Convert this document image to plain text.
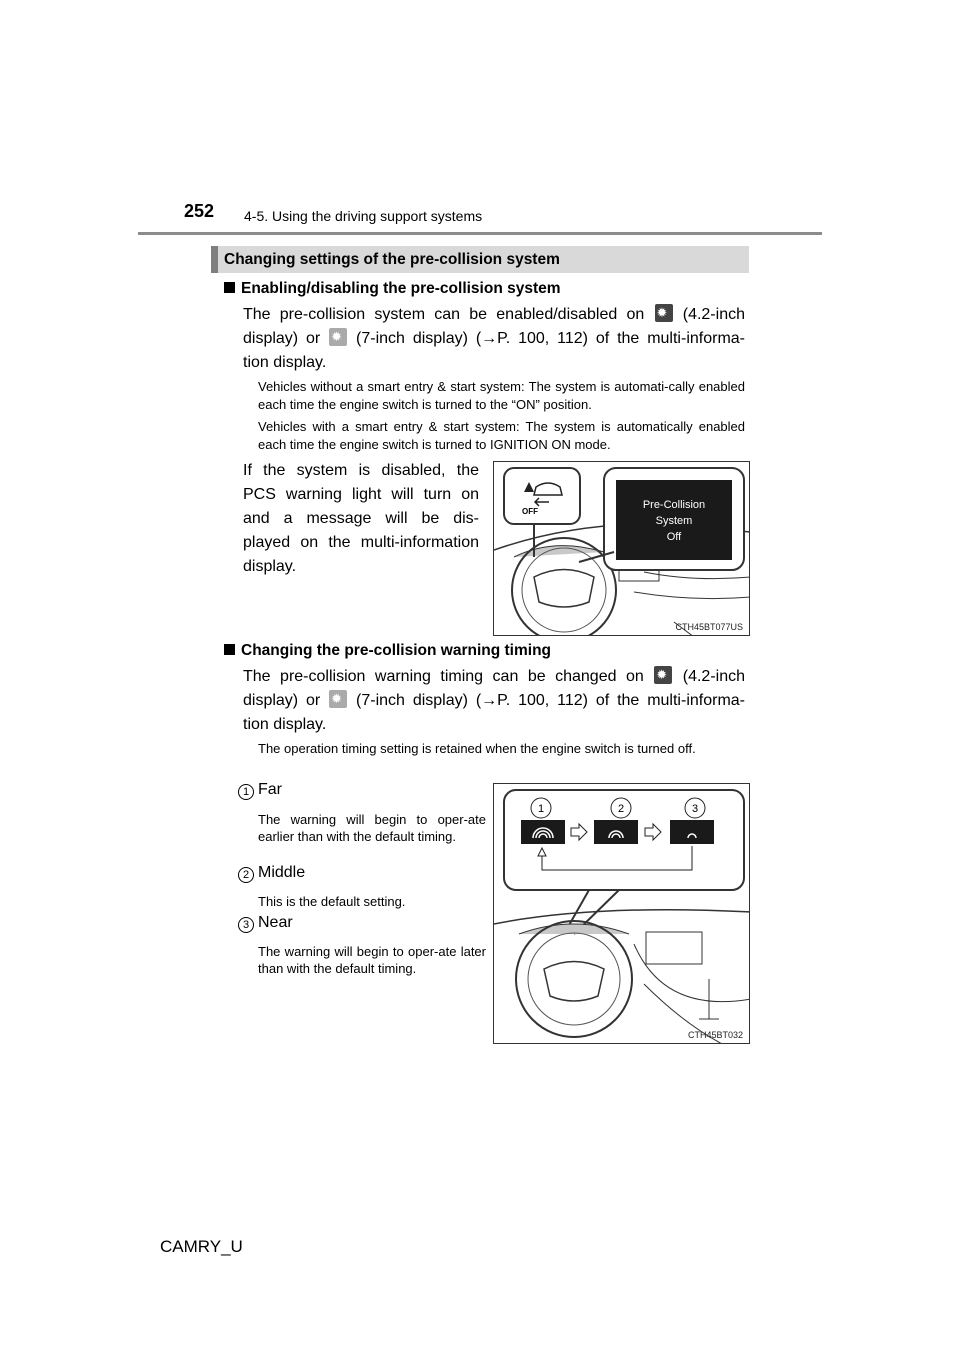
252 4-5. Using the driving support systems
Changing settings of the pre-collision system
Enabling/disabling the pre-collision system
The pre-collision system can be enabled/disabled on ✹ (4.2-inch
display) or ✹ (7-inch display) (→P. 100, 112) of the multi-informa-
tion display.
Vehicles without a smart entry & start system: The system is automati-cally enabled each time the engine switch is turned to the “ON” position.
Vehicles with a smart entry & start system: The system is automatically enabled each time the engine switch is turned to IGNITION ON mode.
If the system is disabled, the
PCS warning light will turn on
and a message will be dis-
played on the multi-information
display.
OFF
Pre-Collision
System
Off
CTH45BT077US
Changing the pre-collision warning timing
The pre-collision warning timing can be changed on ✹ (4.2-inch
display) or ✹ (7-inch display) (→P. 100, 112) of the multi-informa-
tion display.
The operation timing setting is retained when the engine switch is turned off.
1 Far
The warning will begin to oper-ate earlier than with the default timing.
2 Middle
This is the default setting.
3 Near
The warning will begin to oper-ate later than with the default timing.
1	2	3
CTH45BT032
CAMRY_U
